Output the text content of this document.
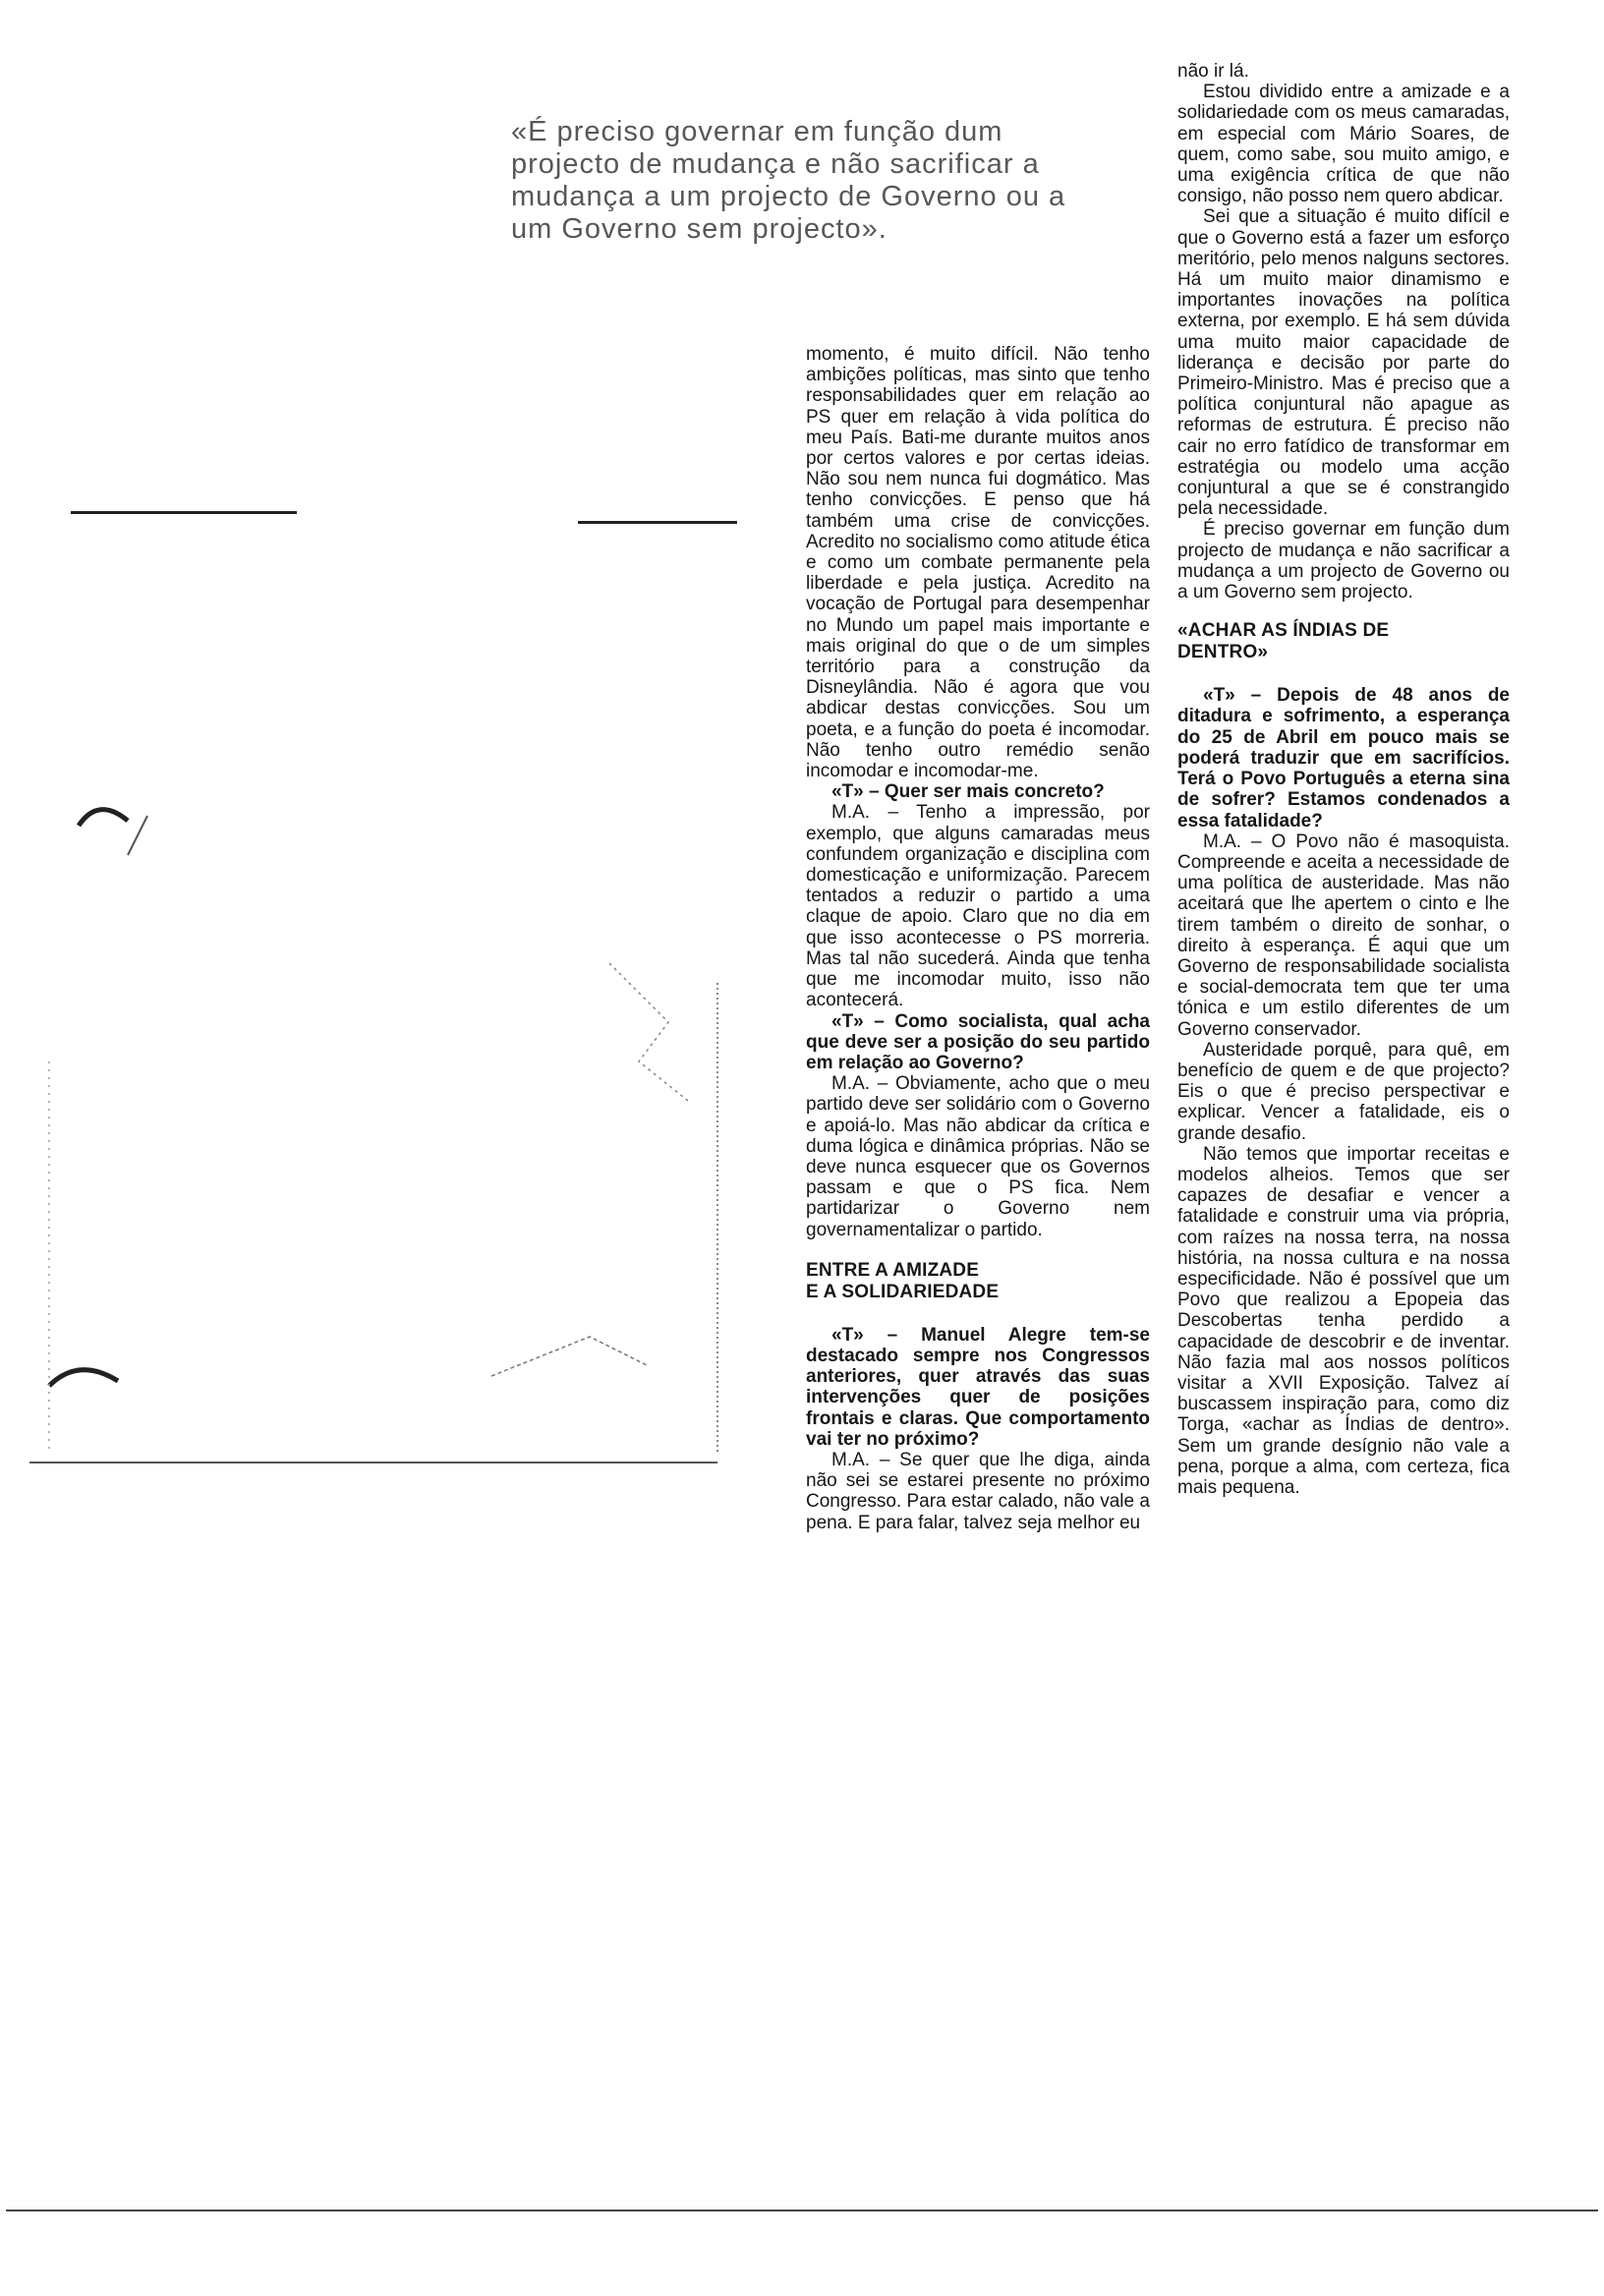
«É preciso governar em função dum

projecto de mudança e não sacrificar a

mudança a um projecto de Governo ou a

um Governo sem projecto».

momento, é muito difícil. Não tenho ambições políticas, mas sinto que tenho responsabilidades quer em relação ao PS quer em relação à vida política do meu País. Bati-me durante muitos anos por certos valores e por certas ideias. Não sou nem nunca fui dogmático. Mas tenho convicções. E penso que há também uma crise de convicções. Acredito no socialismo como atitude ética e como um combate permanente pela liberdade e pela justiça. Acredito na vocação de Portugal para desempenhar no Mundo um papel mais importante e mais original do que o de um simples território para a construção da Disneylândia. Não é agora que vou abdicar destas convicções. Sou um poeta, e a função do poeta é incomodar. Não tenho outro remédio senão incomodar e incomodar-me.

«T» – Quer ser mais concreto?

M.A. – Tenho a impressão, por exemplo, que alguns camaradas meus confundem organização e disciplina com domesticação e uniformização. Parecem tentados a reduzir o partido a uma claque de apoio. Claro que no dia em que isso acontecesse o PS morreria. Mas tal não sucederá. Ainda que tenha que me incomodar muito, isso não acontecerá.

«T» – Como socialista, qual acha que deve ser a posição do seu partido em relação ao Governo?

M.A. – Obviamente, acho que o meu partido deve ser solidário com o Governo e apoiá-lo. Mas não abdicar da crítica e duma lógica e dinâmica próprias. Não se deve nunca esquecer que os Governos passam e que o PS fica. Nem partidarizar o Governo nem governamentalizar o partido.

ENTRE A AMIZADE
E A SOLIDARIEDADE

«T» – Manuel Alegre tem-se destacado sempre nos Congressos anteriores, quer através das suas intervenções quer de posições frontais e claras. Que comportamento vai ter no próximo?

M.A. – Se quer que lhe diga, ainda não sei se estarei presente no próximo Congresso. Para estar calado, não vale a pena. E para falar, talvez seja melhor eu

não ir lá.

Estou dividido entre a amizade e a solidariedade com os meus camaradas, em especial com Mário Soares, de quem, como sabe, sou muito amigo, e uma exigência crítica de que não consigo, não posso nem quero abdicar.

Sei que a situação é muito difícil e que o Governo está a fazer um esforço meritório, pelo menos nalguns sectores. Há um muito maior dinamismo e importantes inovações na política externa, por exemplo. E há sem dúvida uma muito maior capacidade de liderança e decisão por parte do Primeiro-Ministro. Mas é preciso que a política conjuntural não apague as reformas de estrutura. É preciso não cair no erro fatídico de transformar em estratégia ou modelo uma acção conjuntural a que se é constrangido pela necessidade.

É preciso governar em função dum projecto de mudança e não sacrificar a mudança a um projecto de Governo ou a um Governo sem projecto.

«ACHAR AS ÍNDIAS DE
DENTRO»

«T» – Depois de 48 anos de ditadura e sofrimento, a esperança do 25 de Abril em pouco mais se poderá traduzir que em sacrifícios. Terá o Povo Português a eterna sina de sofrer? Estamos condenados a essa fatalidade?

M.A. – O Povo não é masoquista. Compreende e aceita a necessidade de uma política de austeridade. Mas não aceitará que lhe apertem o cinto e lhe tirem também o direito de sonhar, o direito à esperança. É aqui que um Governo de responsabilidade socialista e social-democrata tem que ter uma tónica e um estilo diferentes de um Governo conservador.

Austeridade porquê, para quê, em benefício de quem e de que projecto? Eis o que é preciso perspectivar e explicar. Vencer a fatalidade, eis o grande desafio.

Não temos que importar receitas e modelos alheios. Temos que ser capazes de desafiar e vencer a fatalidade e construir uma via própria, com raízes na nossa terra, na nossa história, na nossa cultura e na nossa especificidade. Não é possível que um Povo que realizou a Epopeia das Descobertas tenha perdido a capacidade de descobrir e de inventar. Não fazia mal aos nossos políticos visitar a XVII Exposição. Talvez aí buscassem inspiração para, como diz Torga, «achar as Índias de dentro». Sem um grande desígnio não vale a pena, porque a alma, com certeza, fica mais pequena.
